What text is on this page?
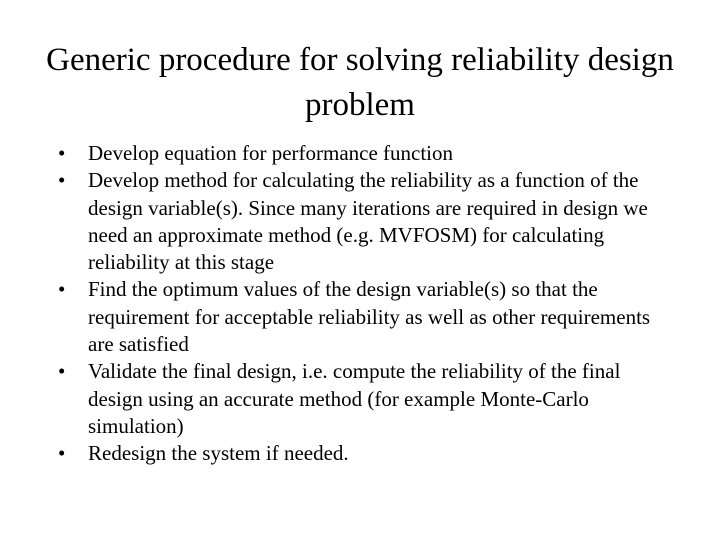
Generic procedure for solving reliability design problem
•	Develop equation for performance function
•	Develop method for calculating the reliability as a function of the design variable(s). Since many iterations are required in design we need an approximate method (e.g. MVFOSM) for calculating reliability at this stage
•	Find the optimum values of the design variable(s) so that the requirement for acceptable reliability as well as other requirements are satisfied
•	Validate the final design, i.e. compute the reliability of the final design using an accurate method (for example Monte-Carlo simulation)
•	Redesign the system if needed.
